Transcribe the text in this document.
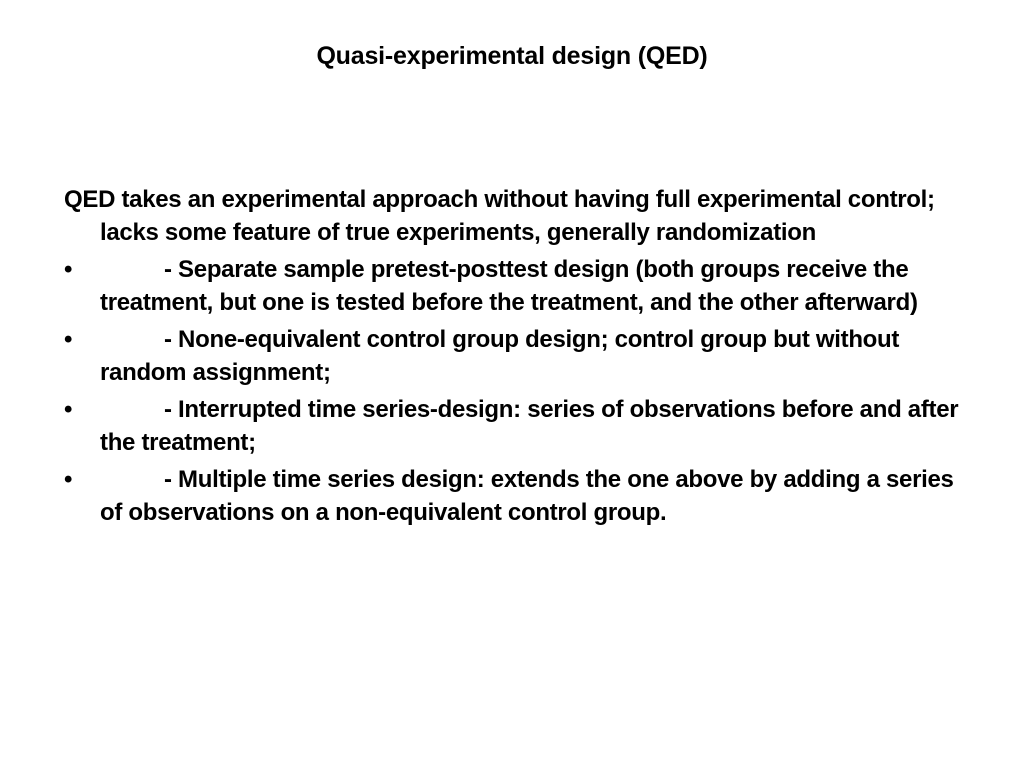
Quasi-experimental design (QED)

QED takes an experimental approach without having full experimental control; lacks some feature of true experiments, generally randomization

•	- Separate sample pretest-posttest design (both groups receive the treatment, but one is tested before the treatment, and the other afterward)
•	- None-equivalent control group design; control group but without random assignment;
•	- Interrupted time series-design: series of observations before and after the treatment;
•	- Multiple time series design: extends the one above by adding a series of observations on a non-equivalent control group.
